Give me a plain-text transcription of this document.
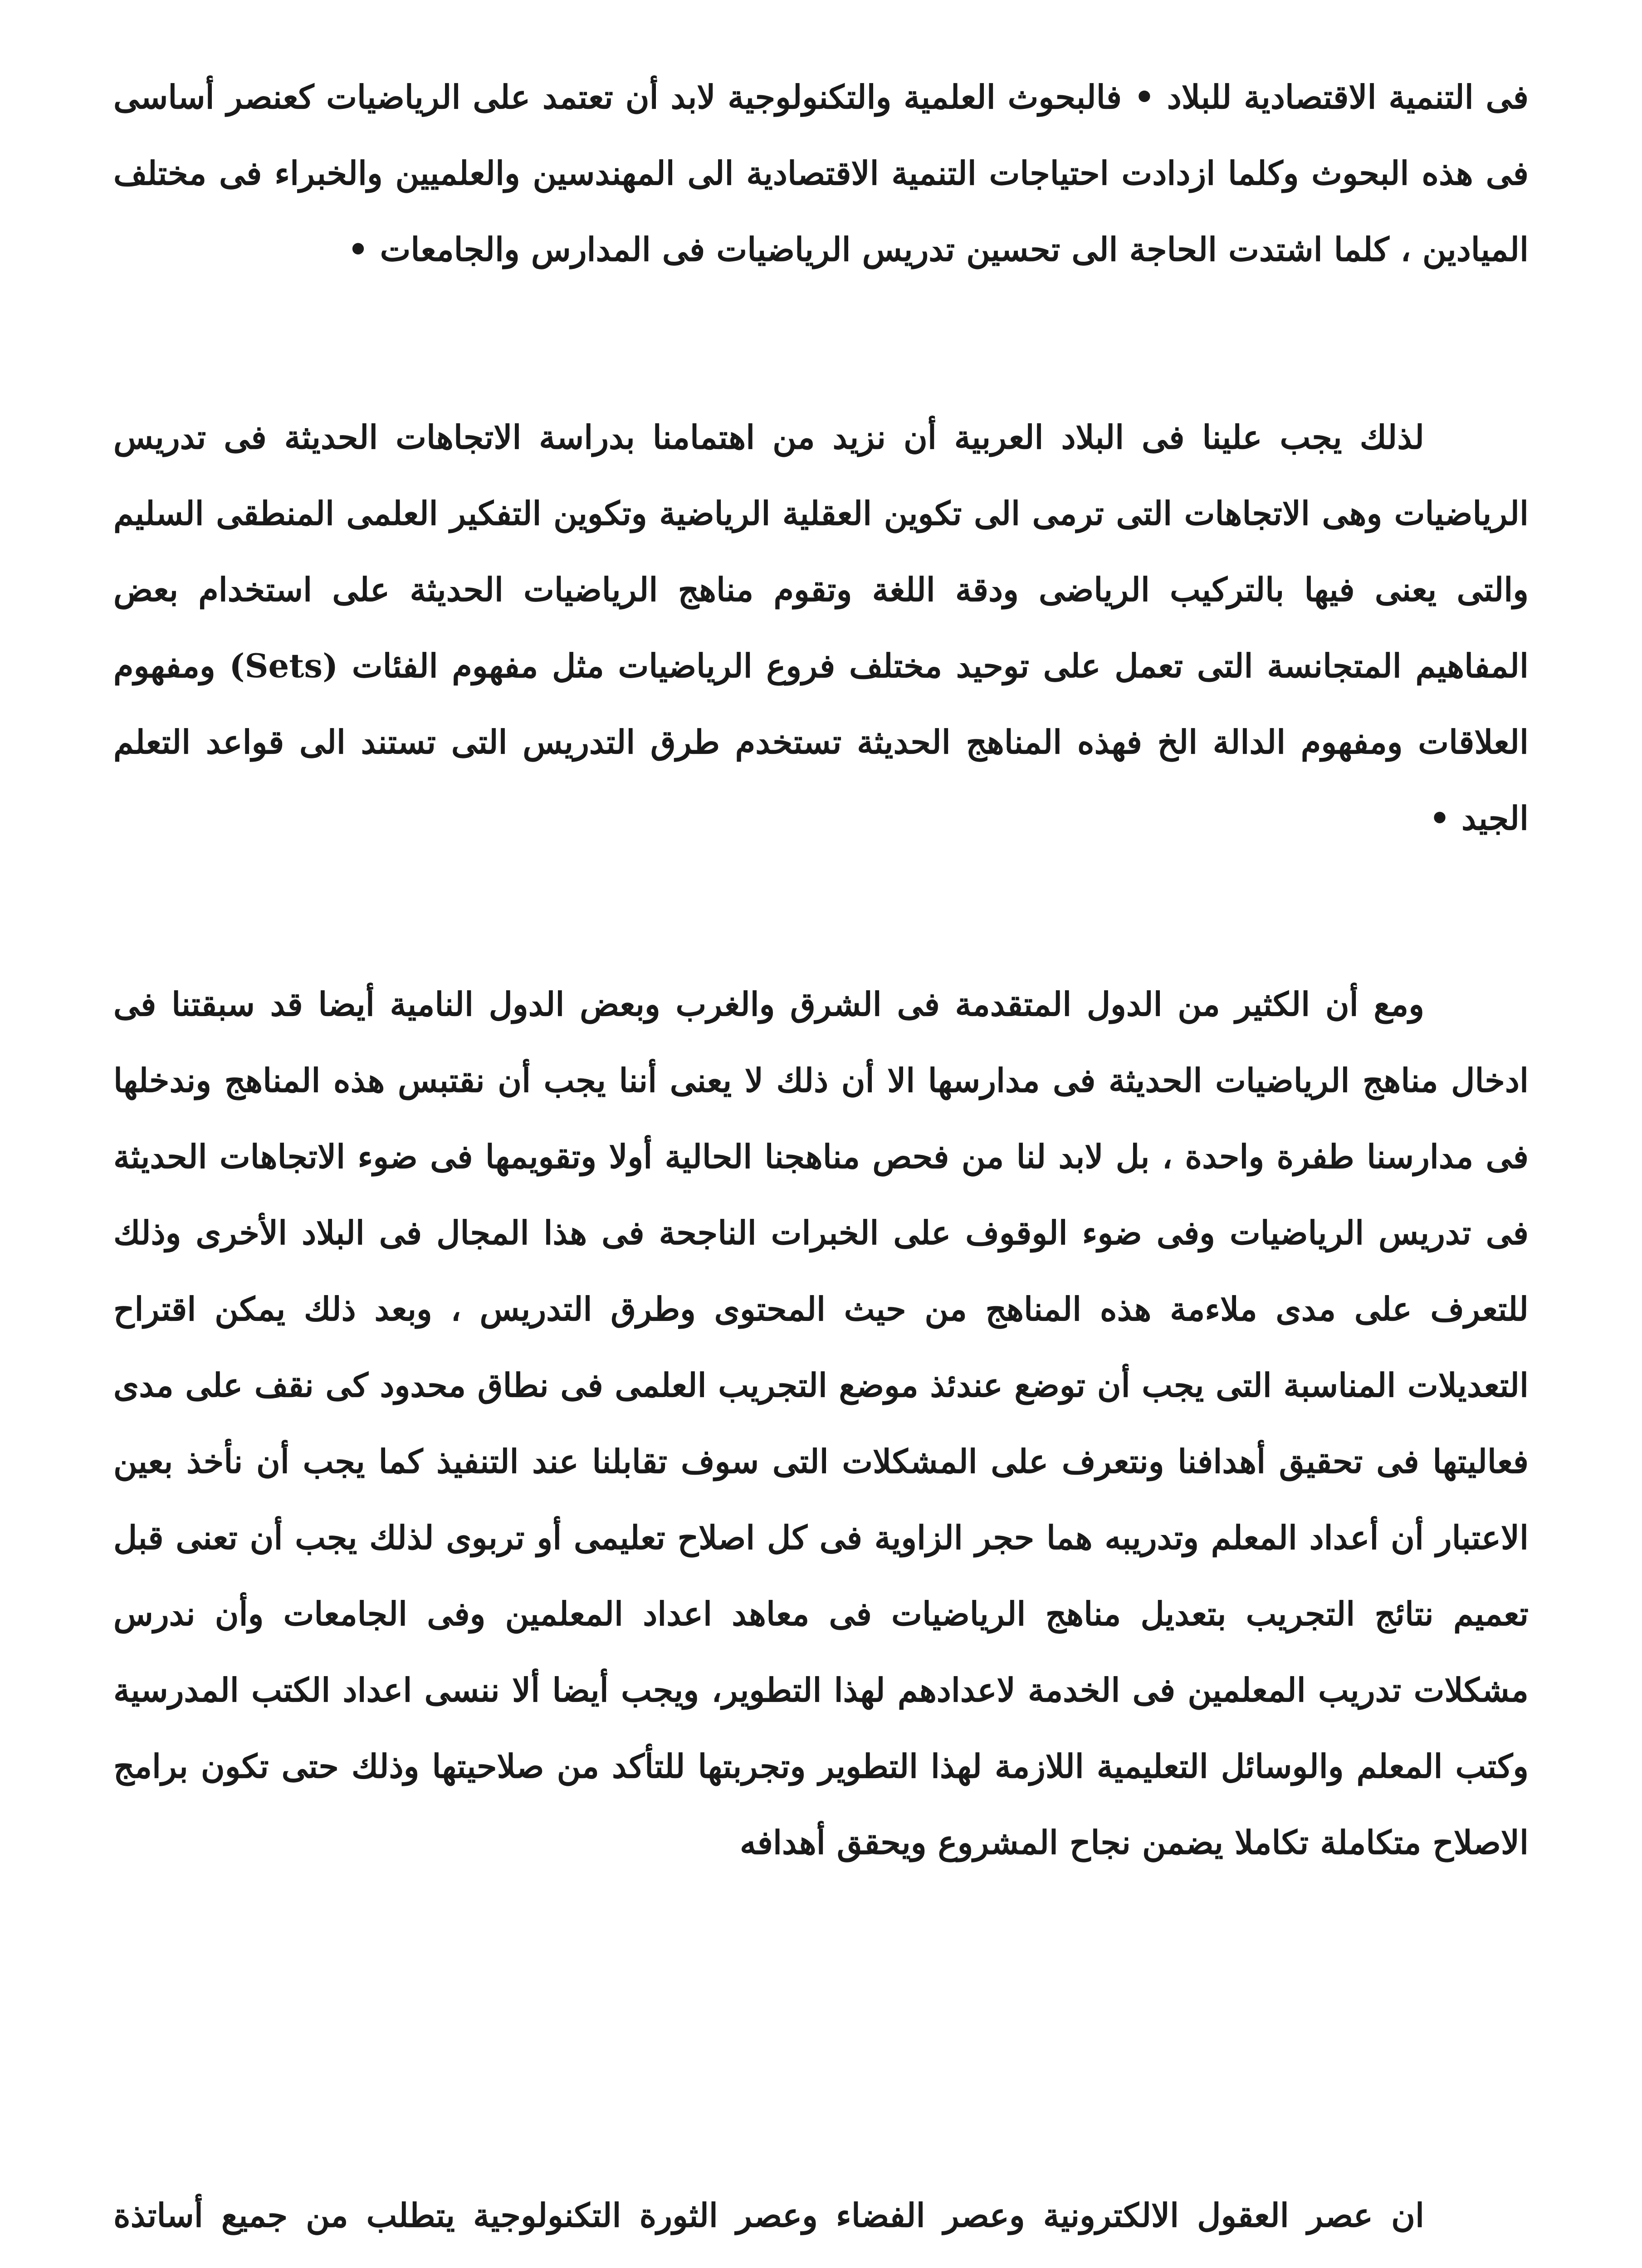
فى التنمية الاقتصادية للبلاد • فالبحوث العلمية والتكنولوجية لابد أن تعتمد على الرياضيات كعنصر أساسى فى هذه البحوث وكلما ازدادت احتياجات التنمية الاقتصادية الى المهندسين والعلميين والخبراء فى مختلف الميادين ، كلما اشتدت الحاجة الى تحسين تدريس الرياضيات فى المدارس والجامعات •

لذلك يجب علينا فى البلاد العربية أن نزيد من اهتمامنا بدراسة الاتجاهات الحديثة فى تدريس الرياضيات وهى الاتجاهات التى ترمى الى تكوين العقلية الرياضية وتكوين التفكير العلمى المنطقى السليم والتى يعنى فيها بالتركيب الرياضى ودقة اللغة وتقوم مناهج الرياضيات الحديثة على استخدام بعض المفاهيم المتجانسة التى تعمل على توحيد مختلف فروع الرياضيات مثل مفهوم الفئات (Sets) ومفهوم العلاقات ومفهوم الدالة الخ فهذه المناهج الحديثة تستخدم طرق التدريس التى تستند الى قواعد التعلم الجيد •

ومع أن الكثير من الدول المتقدمة فى الشرق والغرب وبعض الدول النامية أيضا قد سبقتنا فى ادخال مناهج الرياضيات الحديثة فى مدارسها الا أن ذلك لا يعنى أننا يجب أن نقتبس هذه المناهج وندخلها فى مدارسنا طفرة واحدة ، بل لابد لنا من فحص مناهجنا الحالية أولا وتقويمها فى ضوء الاتجاهات الحديثة فى تدريس الرياضيات وفى ضوء الوقوف على الخبرات الناجحة فى هذا المجال فى البلاد الأخرى وذلك للتعرف على مدى ملاءمة هذه المناهج من حيث المحتوى وطرق التدريس ، وبعد ذلك يمكن اقتراح التعديلات المناسبة التى يجب أن توضع عندئذ موضع التجريب العلمى فى نطاق محدود كى نقف على مدى فعاليتها فى تحقيق أهدافنا ونتعرف على المشكلات التى سوف تقابلنا عند التنفيذ كما يجب أن نأخذ بعين الاعتبار أن أعداد المعلم وتدريبه هما حجر الزاوية فى كل اصلاح تعليمى أو تربوى لذلك يجب أن تعنى قبل تعميم نتائج التجريب بتعديل مناهج الرياضيات فى معاهد اعداد المعلمين وفى الجامعات وأن ندرس مشكلات تدريب المعلمين فى الخدمة لاعدادهم لهذا التطوير، ويجب أيضا ألا ننسى اعداد الكتب المدرسية وكتب المعلم والوسائل التعليمية اللازمة لهذا التطوير وتجربتها للتأكد من صلاحيتها وذلك حتى تكون برامج الاصلاح متكاملة تكاملا يضمن نجاح المشروع ويحقق أهدافه

ان عصر العقول الالكترونية وعصر الفضاء وعصر الثورة التكنولوجية يتطلب من جميع أساتذة
